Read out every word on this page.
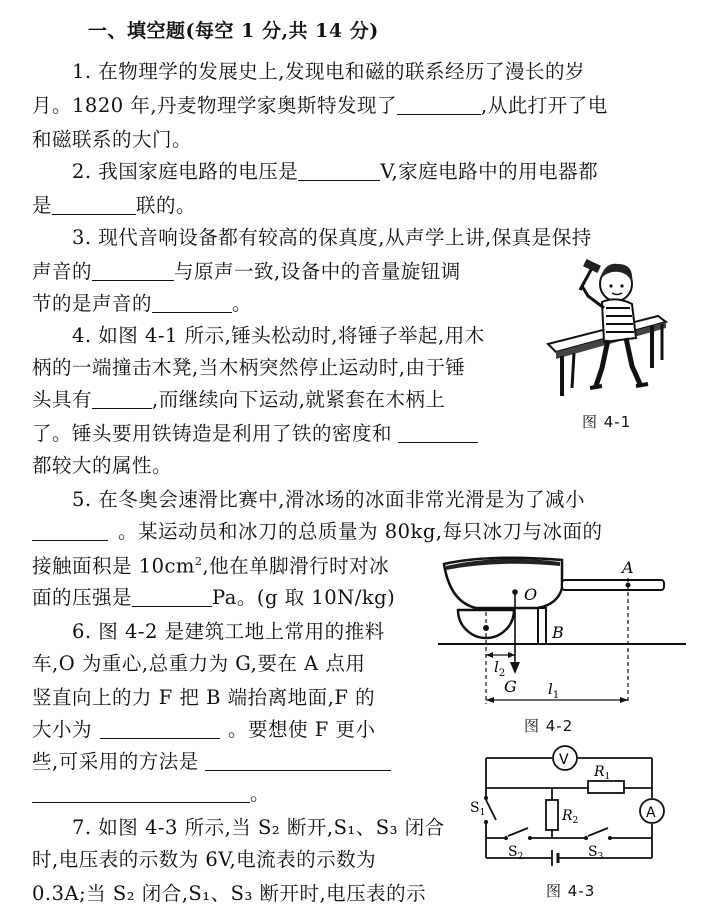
一、填空题(每空 1 分,共 14 分)
1. 在物理学的发展史上,发现电和磁的联系经历了漫长的岁
月。1820 年,丹麦物理学家奥斯特发现了	,从此打开了电
和磁联系的大门。
2. 我国家庭电路的电压是	V,家庭电路中的用电器都
是	联的。
3. 现代音响设备都有较高的保真度,从声学上讲,保真是保持
声音的	与原声一致,设备中的音量旋钮调
节的是声音的	。
4. 如图 4-1 所示,锤头松动时,将锤子举起,用木
柄的一端撞击木凳,当木柄突然停止运动时,由于锤
头具有	,而继续向下运动,就紧套在木柄上
了。锤头要用铁铸造是利用了铁的密度和
都较大的属性。
5. 在冬奥会速滑比赛中,滑冰场的冰面非常光滑是为了减小
。某运动员和冰刀的总质量为 80kg,每只冰刀与冰面的
接触面积是 $10cm^2$,他在单脚滑行时对冰
面的压强是	Pa。(g 取 10N/kg)
6. 图 4-2 是建筑工地上常用的推料
车,O 为重心,总重力为 G,要在 A 点用
竖直向上的力 F 把 B 端抬离地面,F 的
大小为	。要想使 F 更小
些,可采用的方法是
。
7. 如图 4-3 所示,当 S₂ 断开,S₁、S₃ 闭合
时,电压表的示数为 6V,电流表的示数为
0.3A;当 S₂ 闭合,S₁、S₃ 断开时,电压表的示
图 4-1
O
A
B
G
$l_2$
$l_1$
图 4-2
V
A
$R_1$
$S_1$	$R_2$
$S_2$	$S_3$
图 4-3
